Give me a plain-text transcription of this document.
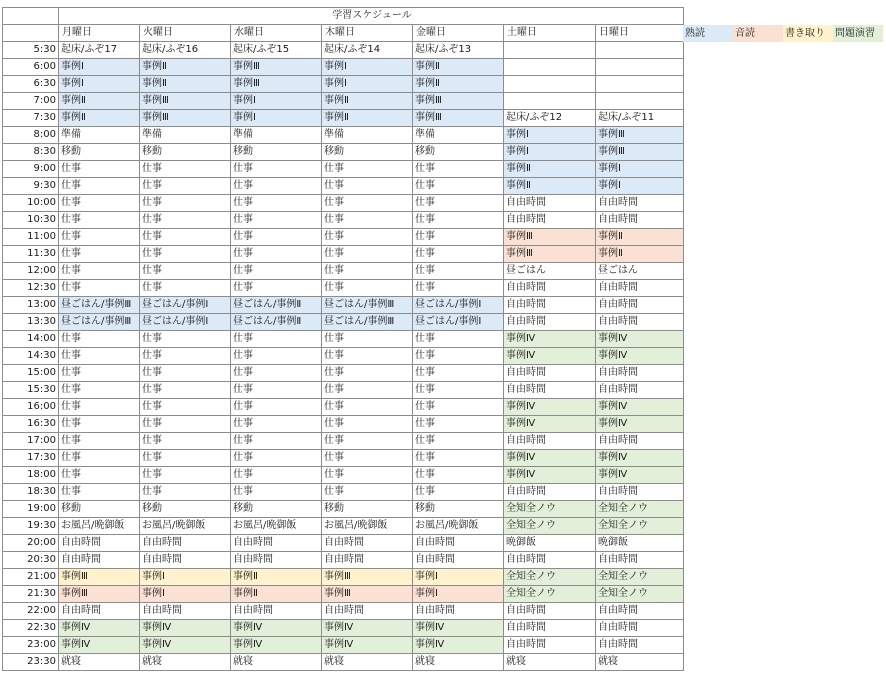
	学習スケジュール						
	月曜日	火曜日	水曜日	木曜日	金曜日	土曜日	日曜日
5:30	起床/ふぞ17	起床/ふぞ16	起床/ふぞ15	起床/ふぞ14	起床/ふぞ13		
6:00	事例Ⅰ	事例Ⅱ	事例Ⅲ	事例Ⅰ	事例Ⅱ		
6:30	事例Ⅰ	事例Ⅱ	事例Ⅲ	事例Ⅰ	事例Ⅱ		
7:00	事例Ⅱ	事例Ⅲ	事例Ⅰ	事例Ⅱ	事例Ⅲ		
7:30	事例Ⅱ	事例Ⅲ	事例Ⅰ	事例Ⅱ	事例Ⅲ	起床/ふぞ12	起床/ふぞ11
8:00	準備	準備	準備	準備	準備	事例Ⅰ	事例Ⅲ
8:30	移動	移動	移動	移動	移動	事例Ⅰ	事例Ⅲ
9:00	仕事	仕事	仕事	仕事	仕事	事例Ⅱ	事例Ⅰ
9:30	仕事	仕事	仕事	仕事	仕事	事例Ⅱ	事例Ⅰ
10:00	仕事	仕事	仕事	仕事	仕事	自由時間	自由時間
10:30	仕事	仕事	仕事	仕事	仕事	自由時間	自由時間
11:00	仕事	仕事	仕事	仕事	仕事	事例Ⅲ	事例Ⅱ
11:30	仕事	仕事	仕事	仕事	仕事	事例Ⅲ	事例Ⅱ
12:00	仕事	仕事	仕事	仕事	仕事	昼ごはん	昼ごはん
12:30	仕事	仕事	仕事	仕事	仕事	自由時間	自由時間
13:00	昼ごはん/事例Ⅲ	昼ごはん/事例Ⅰ	昼ごはん/事例Ⅱ	昼ごはん/事例Ⅲ	昼ごはん/事例Ⅰ	自由時間	自由時間
13:30	昼ごはん/事例Ⅲ	昼ごはん/事例Ⅰ	昼ごはん/事例Ⅱ	昼ごはん/事例Ⅲ	昼ごはん/事例Ⅰ	自由時間	自由時間
14:00	仕事	仕事	仕事	仕事	仕事	事例Ⅳ	事例Ⅳ
14:30	仕事	仕事	仕事	仕事	仕事	事例Ⅳ	事例Ⅳ
15:00	仕事	仕事	仕事	仕事	仕事	自由時間	自由時間
15:30	仕事	仕事	仕事	仕事	仕事	自由時間	自由時間
16:00	仕事	仕事	仕事	仕事	仕事	事例Ⅳ	事例Ⅳ
16:30	仕事	仕事	仕事	仕事	仕事	事例Ⅳ	事例Ⅳ
17:00	仕事	仕事	仕事	仕事	仕事	自由時間	自由時間
17:30	仕事	仕事	仕事	仕事	仕事	事例Ⅳ	事例Ⅳ
18:00	仕事	仕事	仕事	仕事	仕事	事例Ⅳ	事例Ⅳ
18:30	仕事	仕事	仕事	仕事	仕事	自由時間	自由時間
19:00	移動	移動	移動	移動	移動	全知全ノウ	全知全ノウ
19:30	お風呂/晩御飯	お風呂/晩御飯	お風呂/晩御飯	お風呂/晩御飯	お風呂/晩御飯	全知全ノウ	全知全ノウ
20:00	自由時間	自由時間	自由時間	自由時間	自由時間	晩御飯	晩御飯
20:30	自由時間	自由時間	自由時間	自由時間	自由時間	自由時間	自由時間
21:00	事例Ⅲ	事例Ⅰ	事例Ⅱ	事例Ⅲ	事例Ⅰ	全知全ノウ	全知全ノウ
21:30	事例Ⅲ	事例Ⅰ	事例Ⅱ	事例Ⅲ	事例Ⅰ	全知全ノウ	全知全ノウ
22:00	自由時間	自由時間	自由時間	自由時間	自由時間	自由時間	自由時間
22:30	事例Ⅳ	事例Ⅳ	事例Ⅳ	事例Ⅳ	事例Ⅳ	自由時間	自由時間
23:00	事例Ⅳ	事例Ⅳ	事例Ⅳ	事例Ⅳ	事例Ⅳ	自由時間	自由時間
23:30	就寝	就寝	就寝	就寝	就寝	就寝	就寝
熟読	音読	書き取り	問題演習
